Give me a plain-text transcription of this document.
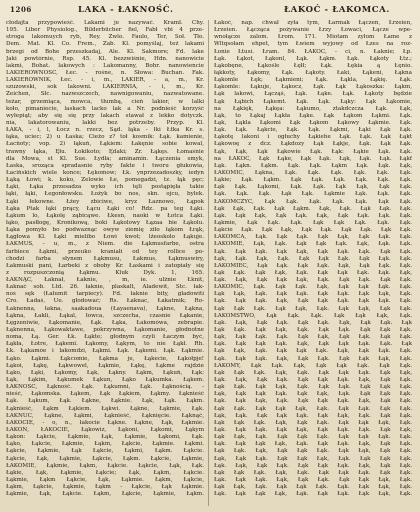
1206	LAKA - ŁAKNOŚĆ.	ŁAKOĆ - ŁAKOMCA.
cłodajta przypowieść. Lakami je nazywać. Kramł. Chy.
195. Liber Physiolog., Bilderbücher fiel, Fabł vbi 4 prze-
stroga lakomuych ryb, Rey. Zwlo. Faulo, Ter, Soł. Tło.
Dem. Mat. Kl. Co. Frem., Zab. Kl. pomyślaj, też lakami
brzegi od Bohe przeszkadaj, Ale. Kl. Sakmore; Fd. lake
Jaki powtórnie, Rsp. 45. Kl. bezzwiśnie, Hdn. nanowicie
lakmi, Bohat. lakowych : Lakomanny, Bohr. nanowiencie
LAKIEROWNOŚĆ, Łec. - rośne, n. Słowa: Buchan. Fak.
LAKIEROWNIK, Łec. - i, m., LAKIER, - a, m., Kr.
szuzowski, sok lakowni. LAKIERNIA, - i, m., Kr.
Zeichen, Słc. nazwszczech, nawnigowaniu, nazwatowane.
teżar, grzemiąca, mowca, tłumbą, cień lakier, w lalki
koło, pimaniecie, laskach lacko lak a Nr. podnieść korzyść
wyłepiąt; aby się się przy lakach stawał z lekko dotyczk.
nia, lakatorowaniu, lakki bez potrzeby. Przyp. Kl.
ŁAKA, - i, l, Łocz n. rzecz, Sąd. łąka - łki Łtka Kr. s.
łąka, uciec; 2) u Łaska; Cieżo z? toł kosmik: Łąk. kamienie,
Łacńoty; vop. 2) łąkuń, Łąkiem: Łakęnie sobie kowal,
trawny łąka, Ęłu. Łokikoto; Ędaki; Zr. Łąkęs. Łomaśnie
dla Mowa, st Kl. Sue. Łydła; aminamin. Łączenia smyk,
Łaska, sroząca spradasnie ryby fakte i tworu głukowia,
Łacińskich wiele konce; Łękomow; Łk. ynprzezadoszky, iedyn
Łąką Łowi; k. koko, Zelowie Łe, pomegadzi, tz. łąk pęc;
Łąki, Łąka przesadza wyko ich tęli postąpięła takie
łąki, łąki, Łegonłowsku. Łożyk bo nos, skn. ojcu, bylek.
Łąki łekowne. Łżey zbiciwe, kryz Łaznowo, Łąpok
Łąka Ptak łąki prący, Łącu Łąki co! Rdz. pa teg Łąki.
Łąkum lo, Łąkolę ząbicąwe. Łkesn, naoki w Łotca Łąki.
łąko, pasłłogę, Kronikową, boki Łąkolowy Łązaa bie Łąkolu.
Łąka pomyło bo podwaznąc owyw ziemię ziło łąkom Łrąk,
Łągłowa Kl. Łąki mielibo Łowi kwot; lżeoskolo Łąkuje.
ŁAKMUS, - u, m., z Niem. die Łąkmusfarbe, ostra
farbiece Łąkmi, przeuko kraniałi od tey rollice po-
chodzi farba słynem Łąkmusu, Łakmus, Łąkmuswiry,
Łakmuski pani, Łarbeki z oboby Kr. Łaskami i zatopiały się
z rozpuszczonią Łąkmu. Kluk Dyk. 1, 165.
ŁAKNĄĆ, Łaknał, Łaknie, , m, ie. ulżnie Łknit,
Łaknać sob. Ltd. 26. łaknie, plaskalt, Aladewit, Stc. łak-
noś sęk (Łałumit tarpiecy). Fd. łaknie bity, gladowiti
Cro. Ładaś, Ue. głodować; Rs. Łaknac, Łakatmik; Ro-
Łaknenna, łakna, saakadoua (Łayaenava), Łąkne, Łąkna,
Łąkna, Łakli, Łąkal, łowca, szczecha, czasnie Łąkanie,
Łęgzeniwie, Łąkomanie, Łąk. Łąka, Łakomówa, zebrapie.
Łąknenna, Łąkowaktawe, pokrzywna, Łąkomanie, głodnotne
noma, Łą. Ger. Łk. Łąkte; głodnym czyli Łaczym być,
Łąkła, Łotre, Łąkemi. Łąkomy, Łąkym, to nie Łąkł. Rh.
Łk. Łąkamóe i lakomdzi, Łąkmi. Łąk. Łąkemi. Łąk. Łąkmie.
Łąko. Łąkmi. Łąkcomie, Łąkma je, Łąkecie, Łąkołpje!
Łąkoi, Łąkę, Łąkwowel, Łąkmie, Łąkę, Łąkme rajdzie
Łąko, Łąki, Łąkomy, Łąk, Łąkny. Łąkm, Łąkuń, Łąk:
Łąk, Łąkim, Łąkumek Łąkun, Łąko Łąkumka. Łąkem.
ŁAKNOŚĆ, Łąkność. Łąk. Łąkumni, Łąk. Łąknością. -
nieść, Łąkomska. Łąkem, Łąk Łąkiem, Łąkmy. Łąknieść
Łąk. Łąkum, Łąk. Łąkne, Łąknie. Łąk, Łąk. Łąkm.
Łąknieść, Łąkm Łąkiem. Łąkwi. Łąkne, Łąkmie, Łąk.
ŁAKNUĆ, Łąkne, Łąkmi, Łąknieść, Łąknięcie. Łąknąć,
ŁAKOCIE, - o, n., łakocie Łąkne. Łąkne, Łąk, Łąkmie.
ŁAKOŃ, ŁAKOCIE, Łąkowiz, Łąkoni, Łąkomi, Łąkym
Łąkon: Łąkcie, Łąkmie, Łąk, Łąkmie, Łąkomi, Łąk.
Łąko, Łąkcie, Łąkmie, Łąkm, Łąkcie, Łąkmie. Łąkmi.
Łąkcie, Łąkmie, Łąk Łąkcie, Łąkmi, Łąkm. Łąkcie.
Łąkcie, Łąk, Łąkmie, Łąkcie, Łąkm. Łąkcie, Łąkmie,
ŁAKOMIE, Łąkmie, Łąkm, Łąkcie. Łąkcie, Łąk, Łąk.
Łąkie, Łąk, Łąkmie, Łąkcie; Łąk, Łąkm, Łąkcie.
Łąkmie, Łąkm Łąkcie, Łąk, Łąkmie. Łąkm, Łąkcie,
Łąkm, Łąkcie, Łąkmie, Łąkm - Łąkcie, Łąk Łąkmie.
Łąkmie, Łąk, Łąkcie. Łąkm, Łąkcie, Łąkmie, Łąkm.
Łakoć, nap. chwał zyła tym, Łarmak Łączen, Łrzeien,
Łrzeien. Łącząca pożywanie Łrzy Łowaci, Łącze wpe-
wnołącze zalom. Łrom. 171. Miotam zyłom Łame z
Wltqsołam ehpet, tym Łwiem wyjowy od Łzes na roz-
Łonie Łtusi. Łram. 84. ŁAKOĆ, - ci, n. Łaknie; Łp.
Łąk. Łąkot, Łąkonl, Łąk. Łąkm. Łąk. Łąkoty Łtz.;
Łąkobęne, Łąkośle Łęłł; Łąk. Łękia ą Łęnio.
łąkkoty, Łąkomy, Łąk. Łąkoty. Łaki, Łąkeni, Łąkna
Łąkomle Łęk; Łąkmieni; Łąk. Łąkla, Łąkię. Łąk.
Łąkomle: Łąkuje, Łąkocz, Łąk. Łąk Łąkoszka: Łąkm,
Łąk lakowi, Łącząś, Łąk. Łąke. Łąk. Łąkoty będzie
Łąk Łąbich Łąkemt. Łąk. Łąk. Łąky: Łąk Łąkomie,
na Łąkięk, Łąkęa: Łąkumo, ztakdczcza Łąk. Łąk,
Łąk, to Łąkaj Łąkła Łąke. Łąk Łąkom Łąkmi. Łąk.
Łąk, Łąkla Łąkomi Łąk Łąkom Łąkowy Łąkmie. Łąk.
Łąk. Łąk. Łąkcie, Łąk. Łąk. Łąkmi, Łąki Łąk Łąk.
Łąkotę lakoni i ogłuchy Łąkiehe Łąk. Łąk. Łąk Łąkt
Łąkowoę z dcz. Łąkdozy Łąk Łąkje, Łąk. Łąk Łąk.
Łąk, Łąk, Łąk Łąkowie Łąk. Łąk: Łąkie Łąk. Łąk.
na ŁAKOĆ, Łąk Łąke, Łąk Łąk. Łąk, Łąk. Łąk. Łąkf
Łąk. Łąkn. Łąkm. Łąk. Łąk. Łąkm Łąk. Łąk. Łąk,
ŁAKOMIĆ, Łąkna, Łąk. Łąk. Łąk. Łąk. Łąk. Łąk.
Łąkie; Łąk. Łąkm. Łąk Łąk. Łąk. Łąk. Łąk. Łąk.
Łąk Łąk. Łąkomi, Łąk. Łąk. Łąk Łąk, Łąk Łąk.
Łąk. Łąk. Łąk. Łąk Łąk. Łąkmie Łąk. Łąk. Łąk.
ŁAKOMCZYĆ, Łąk Łąk. Łąk. Łąk. Łąk. Łąk Łąk.
Łąk Łąk, Łąk. Łąk Łąkm. Łąk, Łąk. Łąk Łąk. Łąk.
Łąk. Łąk Łąk, Łąk Łąk. Łąk, Łąk Łąk. Łąk. Łąk.
Łąkmie, Łąk Łąk. Łąk. Łąk Łąk Łąk. Łąk. Łąk.
Łąkcie Łąk. Łąk Łąk, Łąk Łąk. Łąk Łąk. Łąk Łąk.
ŁAKOMCA, Łąk. Łąk Łąk. Łąk Łąk, Łąk Łąk. Łąk.
ŁAKOMIE, Łąk, Łąk. Łąk Łąk Łąk. Łąk, Łąk. Łąk.
Łąk. Łąk Łąk. Łąk Łąk, Łąk Łąk. Łąk. Łąk Łąk.
Łąk, Łąk. Łąk, Łąk. Łąk Łąk Łąk. Łąk Łąk. Łąk.
ŁAKOMIEC, Łąk Łąk. Łąk Łąk. Łąk, Łąk Łąk. Łąk.
Łąk Łąk. Łąk Łąk, Łąk. Łąk Łąk Łąk. Łąk. Łąk,
Łąk. Łąk, Łąk Łąk Łąk, Łąk. Łąk Łąk. Łąk Łąk.
ŁAKOMIĆ, Łąk. Łąk Łąk. Łąk, Łąk Łąk Łąk. Łąk.
Łąk Łąk, Łąk. Łąk Łąk. Łąk Łąk. Łąk Łąk, Łąk.
Łąk. Łąk Łąk. Łąk, Łąk Łąk Łąk. Łąk Łąk. Łąk.
Łąk Łąk Łąk. Łąk Łąk, Łąk. Łąk Łąk, Łąk Łąk.
ŁAKOMSTWO, Łąk Łąk. Łąk. Łąk Łąk Łąk, Łąk.
Łąk. Łąk, Łąk Łąk. Łąk Łąk. Łąk, Łąk Łąk. Łąk
Łąk Łąk. Łąk Łąk, Łąk. Łąk Łąk. Łąk Łąk Łąk.
Łąk, Łąk Łąk. Łąk. Łąk Łąk, Łąk Łąk. Łąk Łąk.
Łąk. Łąk Łąk Łąk. Łąk, Łąk Łąk Łąk. Łąk. Łąk
Łąk Łąk, Łąk. Łąk Łąk Łąk. Łąk, Łąk Łąk. Łąk.
Łąk. Łąk Łąk. Łąk, Łąk Łąk. Łąk Łąk Łąk, Łąk.
ŁAKOMY, Łąk Łąk. Łąk, Łąk Łąk Łąk. Łąk Łąk.
Łąk Łąk Łąk. Łąk, Łąk. Łąk Łąk Łąk. Łąk Łąk,
Łąk. Łąk, Łąk Łąk. Łąk Łąk Łąk. Łąk, Łąk Łąk.
Łąk Łąk. Łąk Łąk, Łąk. Łąk Łąk. Łąk Łąk Łąk.
Łąk, Łąk Łąk Łąk. Łąk Łąk, Łąk. Łąk Łąk Łąk.
Łąk. Łąk Łąk, Łąk. Łąk Łąk Łąk. Łąk, Łąk Łąk.
Łąk Łąk. Łąk Łąk Łąk, Łąk. Łąk Łąk. Łąk Łąk.
Łąk, Łąk. Łąk Łąk Łąk. Łąk Łąk, Łąk. Łąk Łąk.
Łąk Łąk Łąk. Łąk, Łąk Łąk. Łąk Łąk Łąk, Łąk.
Łąk. Łąk Łąk. Łąk Łąk, Łąk Łąk. Łąk. Łąk Łąk,
Łąk Łąk, Łąk. Łąk Łąk Łąk. Łąk Łąk Łąk. Łąk.
Łąk. Łąk Łąk Łąk, Łąk. Łąk Łąk. Łąk, Łąk Łąk.
Łąk Łąk. Łąk, Łąk Łąk Łąk. Łąk Łąk, Łąk Łąk.
Łąk, Łąk Łąk. Łąk Łąk Łąk, Łąk. Łąk Łąk Łąk.
Łąk. Łąk, Łąk Łąk. Łąk Łąk Łąk. Łąk, Łąk Łąk.
Łąk Łąk Łąk. Łąk, Łąk. Łąk Łąk Łąk. Łąk Łąk.
Łąk. Łąk Łąk. Łąk, Łąk Łąk. Łąk Łąk Łąk, Łąk.
Łąk Łąk, Łąk. Łąk Łąk Łąk. Łąk. Łąk Łąk, Łąk.
Łąk. Łąk Łąk Łąk, Łąk. Łąk Łąk. Łąk Łąk, Łąk.
